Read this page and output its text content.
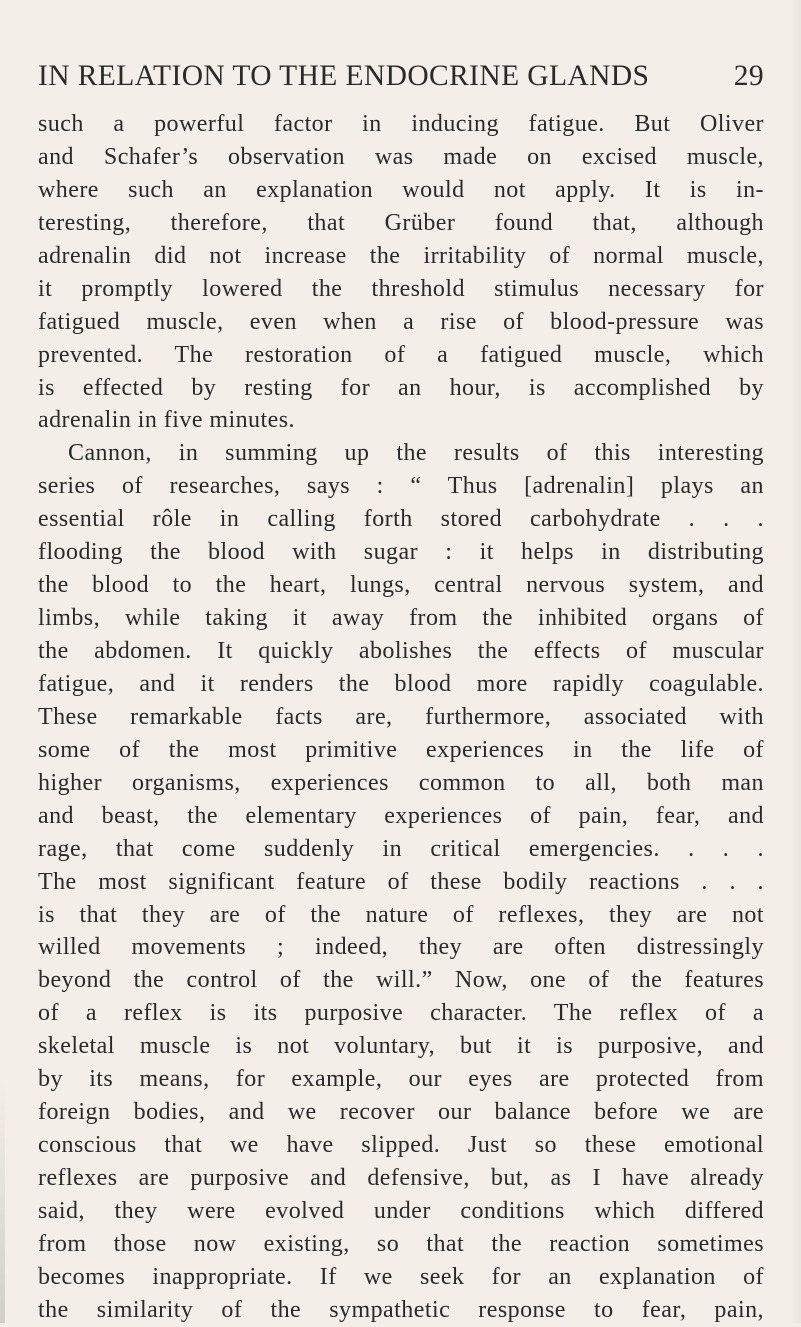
IN RELATION TO THE ENDOCRINE GLANDS	29
such a powerful factor in inducing fatigue. But Oliver
and Schafer’s observation was made on excised muscle,
where such an explanation would not apply. It is in-
teresting, therefore, that Grüber found that, although
adrenalin did not increase the irritability of normal muscle,
it promptly lowered the threshold stimulus necessary for
fatigued muscle, even when a rise of blood-pressure was
prevented. The restoration of a fatigued muscle, which
is effected by resting for an hour, is accomplished by
adrenalin in five minutes.
Cannon, in summing up the results of this interesting
series of researches, says : “ Thus [adrenalin] plays an
essential rôle in calling forth stored carbohydrate . . .
flooding the blood with sugar : it helps in distributing
the blood to the heart, lungs, central nervous system, and
limbs, while taking it away from the inhibited organs of
the abdomen. It quickly abolishes the effects of muscular
fatigue, and it renders the blood more rapidly coagulable.
These remarkable facts are, furthermore, associated with
some of the most primitive experiences in the life of
higher organisms, experiences common to all, both man
and beast, the elementary experiences of pain, fear, and
rage, that come suddenly in critical emergencies. . . .
The most significant feature of these bodily reactions . . .
is that they are of the nature of reflexes, they are not
willed movements ; indeed, they are often distressingly
beyond the control of the will.” Now, one of the features
of a reflex is its purposive character. The reflex of a
skeletal muscle is not voluntary, but it is purposive, and
by its means, for example, our eyes are protected from
foreign bodies, and we recover our balance before we are
conscious that we have slipped. Just so these emotional
reflexes are purposive and defensive, but, as I have already
said, they were evolved under conditions which differed
from those now existing, so that the reaction sometimes
becomes inappropriate. If we seek for an explanation of
the similarity of the sympathetic response to fear, pain,
